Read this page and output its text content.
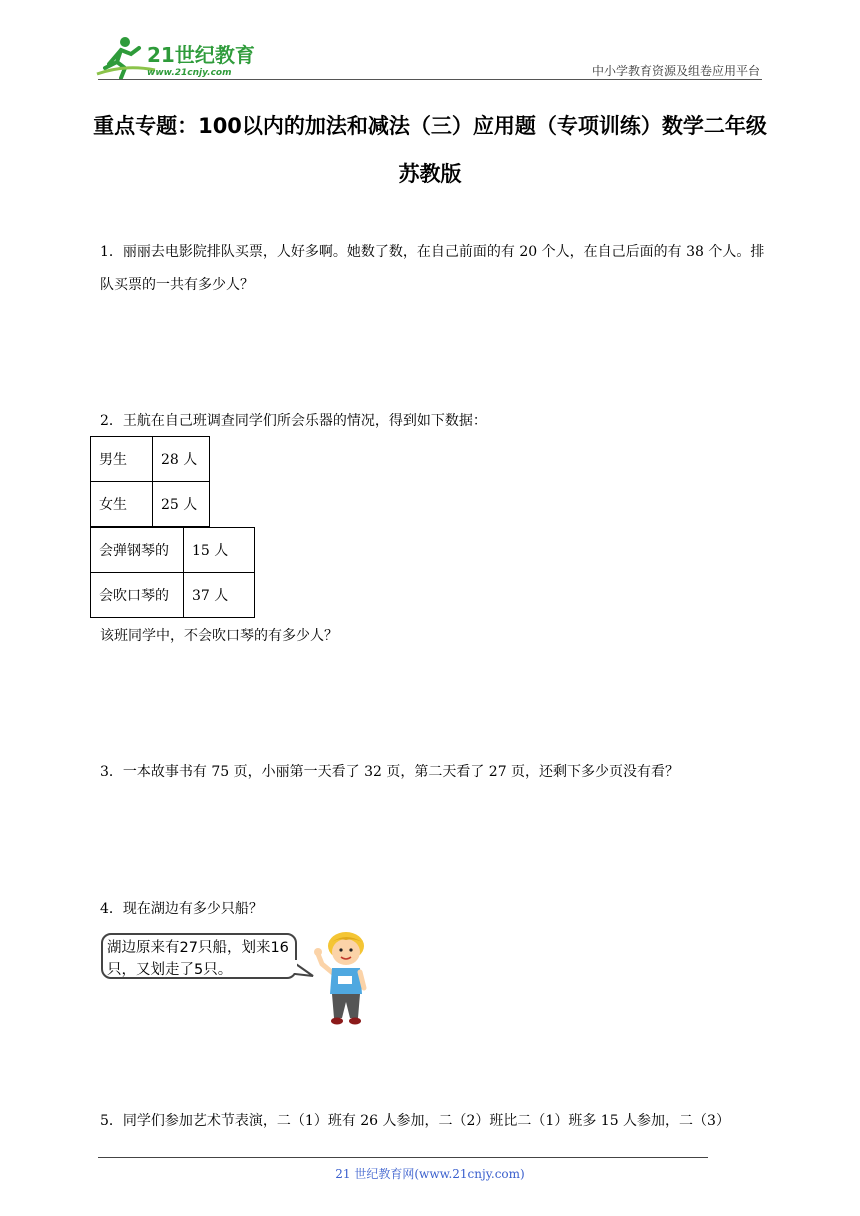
21世纪教育
www.21cnjy.com	中小学教育资源及组卷应用平台
重点专题：100以内的加法和减法（三）应用题（专项训练）数学二年级苏教版
1．丽丽去电影院排队买票，人好多啊。她数了数，在自己前面的有 20 个人，在自己后面的有 38 个人。排队买票的一共有多少人？
2．王航在自己班调查同学们所会乐器的情况，得到如下数据：
男生	28 人
女生	25 人
会弹钢琴的	15 人
会吹口琴的	37 人
该班同学中，不会吹口琴的有多少人？
3．一本故事书有 75 页，小丽第一天看了 32 页，第二天看了 27 页，还剩下多少页没有看？
4．现在湖边有多少只船？
湖边原来有27只船，划来16只，又划走了5只。
5．同学们参加艺术节表演，二（1）班有 26 人参加，二（2）班比二（1）班多 15 人参加，二（3）
21 世纪教育网(www.21cnjy.com)
